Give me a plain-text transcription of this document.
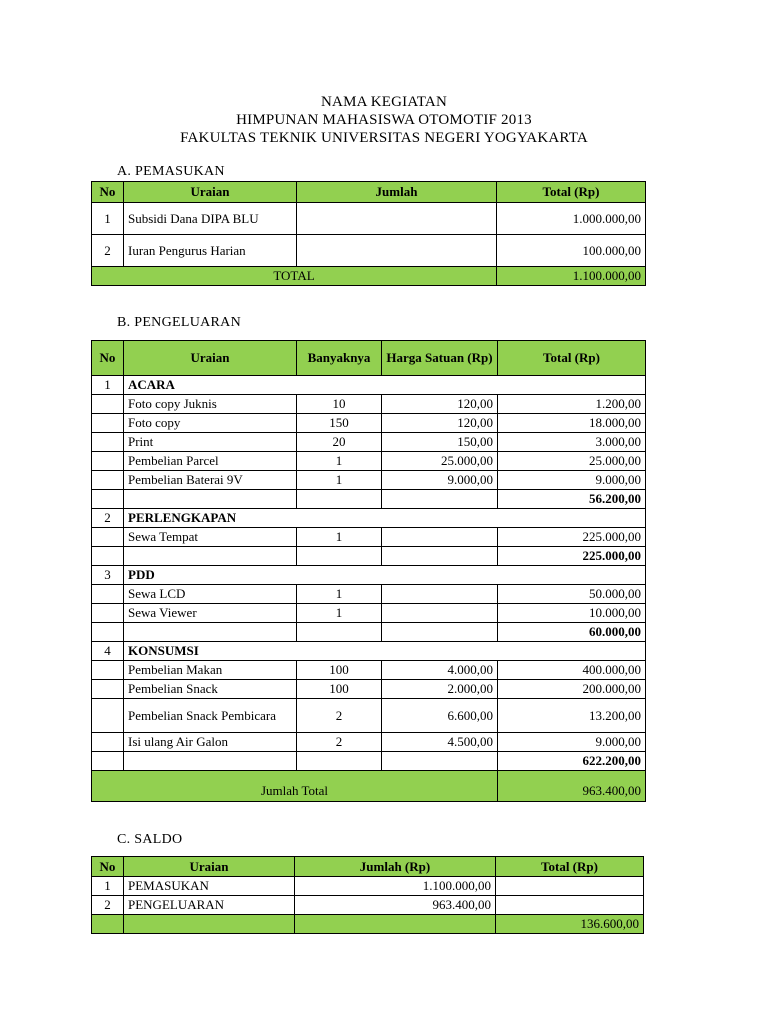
NAMA KEGIATAN
HIMPUNAN MAHASISWA OTOMOTIF 2013
FAKULTAS TEKNIK UNIVERSITAS NEGERI YOGYAKARTA
A. PEMASUKAN
No	Uraian	Jumlah	Total (Rp)
1	Subsidi Dana DIPA BLU		1.000.000,00
2	Iuran Pengurus Harian		100.000,00
TOTAL			1.100.000,00
B. PENGELUARAN
No	Uraian	Banyaknya	Harga Satuan (Rp)	Total (Rp)
1	ACARA			
	Foto copy Juknis	10	120,00	1.200,00
	Foto copy	150	120,00	18.000,00
	Print	20	150,00	3.000,00
	Pembelian Parcel	1	25.000,00	25.000,00
	Pembelian Baterai 9V	1	9.000,00	9.000,00
				56.200,00
2	PERLENGKAPAN			
	Sewa Tempat	1		225.000,00
				225.000,00
3	PDD			
	Sewa LCD	1		50.000,00
	Sewa Viewer	1		10.000,00
				60.000,00
4	KONSUMSI			
	Pembelian Makan	100	4.000,00	400.000,00
	Pembelian Snack	100	2.000,00	200.000,00
	Pembelian Snack Pembicara	2	6.600,00	13.200,00
	Isi ulang Air Galon	2	4.500,00	9.000,00
				622.200,00
Jumlah Total				963.400,00
C. SALDO
No	Uraian	Jumlah (Rp)	Total (Rp)
1	PEMASUKAN	1.100.000,00	
2	PENGELUARAN	963.400,00	
			136.600,00
